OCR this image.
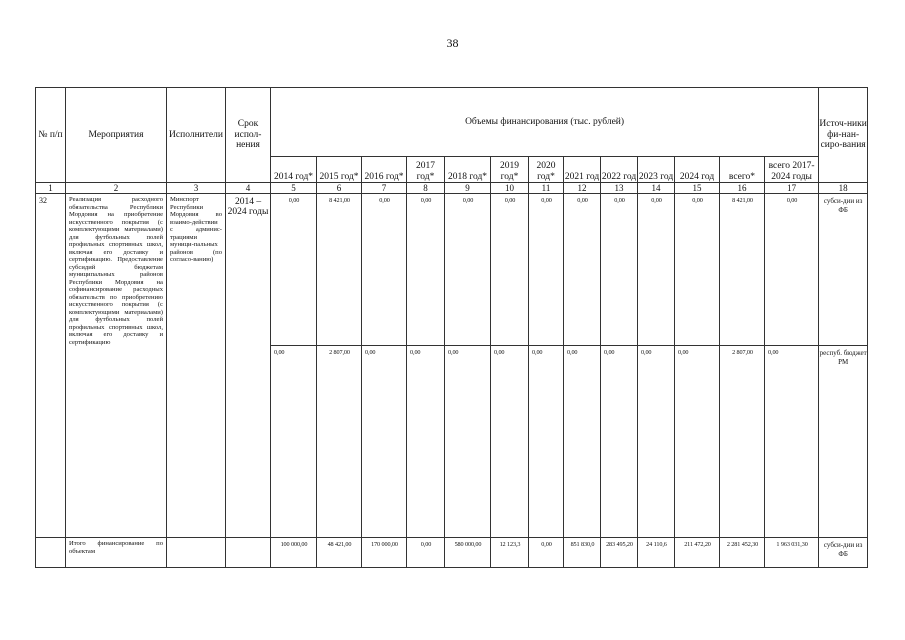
38
№ п/п	Мероприятия	Исполнители	Срок испол-нения	Объемы финансирования (тыс. рублей)													Источ-ники фи-нан-сиро-вания
				2014 год*	2015 год*	2016 год*	2017 год*	2018 год*	2019 год*	2020 год*	2021 год	2022 год	2023 год	2024 год	всего*	всего 2017-2024 годы	
1	2	3	4	5	6	7	8	9	10	11	12	13	14	15	16	17	18
32	Реализация расходного обязательства Республики Мордовия на приобретение искусственного покрытия (с комплектующими материалами) для футбольных полей профильных спортивных школ, включая его доставку и сертификацию. Предоставление субсидий бюджетам муниципальных районов Республики Мордовия на софинансирование расходных обязательств по приобретению искусственного покрытия (с комплектующими материалами) для футбольных полей профильных спортивных школ, включая его доставку и сертификацию	Минспорт Республики Мордовия во взаимо-действии с админис-трациями муници-пальных районов (по согласо-ванию)	2014 – 2024 годы	0,00	8 421,00	0,00	0,00	0,00	0,00	0,00	0,00	0,00	0,00	0,00	8 421,00	0,00	субси-дии из ФБ
				0,00	2 807,00	0,00	0,00	0,00	0,00	0,00	0,00	0,00	0,00	0,00	2 807,00	0,00	респуб. бюджет РМ
	Итого финансирование по объектам			100 000,00	48 421,00	170 000,00	0,00	580 000,00	12 123,3	0,00	851 830,0	283 495,20	24 110,6	211 472,20	2 281 452,30	1 963 031,30	субси-дии из ФБ
